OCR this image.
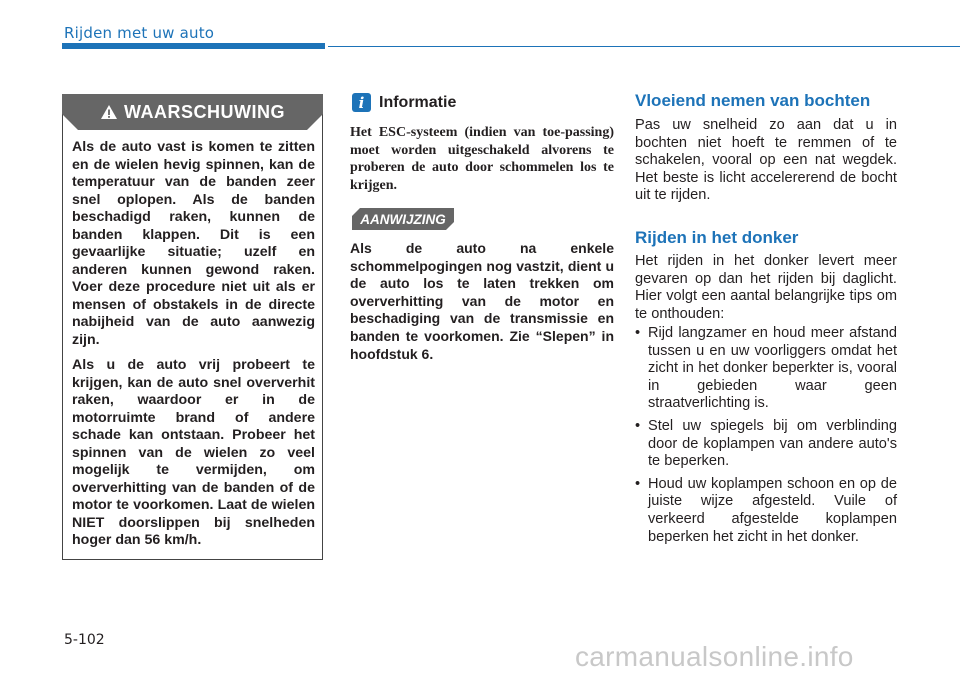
Rijden met uw auto
WAARSCHUWING

Als de auto vast is komen te zitten en de wielen hevig spinnen, kan de temperatuur van de banden zeer snel oplopen. Als de banden beschadigd raken, kunnen de banden klappen. Dit is een gevaarlijke situatie; uzelf en anderen kunnen gewond raken. Voer deze procedure niet uit als er mensen of obstakels in de directe nabijheid van de auto aanwezig zijn.

Als u de auto vrij probeert te krijgen, kan de auto snel oververhit raken, waardoor er in de motorruimte brand of andere schade kan ontstaan. Probeer het spinnen van de wielen zo veel mogelijk te vermijden, om oververhitting van de banden of de motor te voorkomen. Laat de wielen NIET doorslippen bij snelheden hoger dan 56 km/h.

i Informatie

Het ESC-systeem (indien van toe-passing) moet worden uitgeschakeld alvorens te proberen de auto door schommelen los te krijgen.

AANWIJZING

Als de auto na enkele schommelpogingen nog vastzit, dient u de auto los te laten trekken om oververhitting van de motor en beschadiging van de transmissie en banden te voorkomen. Zie “Slepen” in hoofdstuk 6.

Vloeiend nemen van bochten

Pas uw snelheid zo aan dat u in bochten niet hoeft te remmen of te schakelen, vooral op een nat wegdek. Het beste is licht accelererend de bocht uit te rijden.

Rijden in het donker

Het rijden in het donker levert meer gevaren op dan het rijden bij daglicht. Hier volgt een aantal belangrijke tips om te onthouden:

• Rijd langzamer en houd meer afstand tussen u en uw voorliggers omdat het zicht in het donker beperkter is, vooral in gebieden waar geen straatverlichting is.
• Stel uw spiegels bij om verblinding door de koplampen van andere auto's te beperken.
• Houd uw koplampen schoon en op de juiste wijze afgesteld. Vuile of verkeerd afgestelde koplampen beperken het zicht in het donker.
5-102
carmanualsonline.info
